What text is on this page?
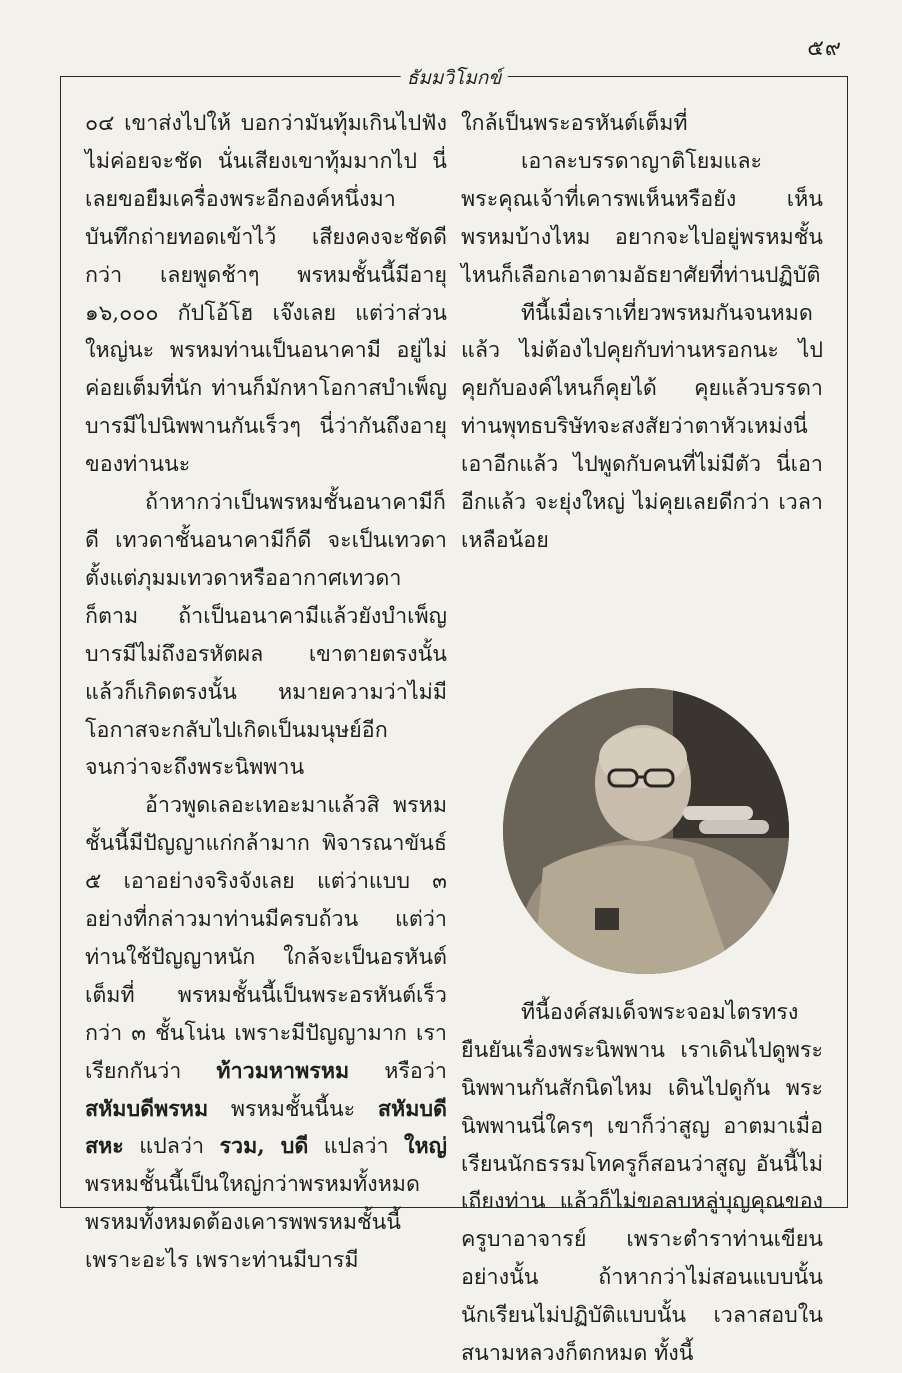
๕๙
ธัมมวิโมกข์

๐๔ เขาส่งไปให้ บอกว่ามันทุ้มเกินไปฟังไม่ค่อยจะชัด นั่นเสียงเขาทุ้มมากไป นี่เลยขอยืมเครื่องพระอีกองค์หนึ่งมาบันทึกถ่ายทอดเข้าไว้ เสียงคงจะชัดดีกว่า เลยพูดช้าๆ พรหมชั้นนี้มีอายุ ๑๖,๐๐๐ กัปโอ้โฮ เจ๊งเลย แต่ว่าส่วนใหญ่นะ พรหมท่านเป็นอนาคามี อยู่ไม่ค่อยเต็มที่นัก ท่านก็มักหาโอกาสบำเพ็ญบารมีไปนิพพานกันเร็วๆ นี่ว่ากันถึงอายุของท่านนะ

ถ้าหากว่าเป็นพรหมชั้นอนาคามีก็ดี เทวดาชั้นอนาคามีก็ดี จะเป็นเทวดาตั้งแต่ภุมมเทวดาหรืออากาศเทวดาก็ตาม ถ้าเป็นอนาคามีแล้วยังบำเพ็ญบารมีไม่ถึงอรหัตผล เขาตายตรงนั้นแล้วก็เกิดตรงนั้น หมายความว่าไม่มีโอกาสจะกลับไปเกิดเป็นมนุษย์อีก จนกว่าจะถึงพระนิพพาน

อ้าวพูดเลอะเทอะมาแล้วสิ พรหมชั้นนี้มีปัญญาแก่กล้ามาก พิจารณาขันธ์ ๕ เอาอย่างจริงจังเลย แต่ว่าแบบ ๓ อย่างที่กล่าวมาท่านมีครบถ้วน แต่ว่าท่านใช้ปัญญาหนัก ใกล้จะเป็นอรหันต์เต็มที่ พรหมชั้นนี้เป็นพระอรหันต์เร็วกว่า ๓ ชั้นโน่น เพราะมีปัญญามาก เราเรียกกันว่า ท้าวมหาพรหม หรือว่า สหัมบดีพรหม พรหมชั้นนี้นะ สหัมบดี สหะ แปลว่า รวม, บดี แปลว่า ใหญ่ พรหมชั้นนี้เป็นใหญ่กว่าพรหมทั้งหมด พรหมทั้งหมดต้องเคารพพรหมชั้นนี้เพราะอะไร เพราะท่านมีบารมี

ใกล้เป็นพระอรหันต์เต็มที่

เอาละบรรดาญาติโยมและพระคุณเจ้าที่เคารพเห็นหรือยัง เห็นพรหมบ้างไหม อยากจะไปอยู่พรหมชั้นไหนก็เลือกเอาตามอัธยาศัยที่ท่านปฏิบัติ

ทีนี้เมื่อเราเที่ยวพรหมกันจนหมดแล้ว ไม่ต้องไปคุยกับท่านหรอกนะ ไปคุยกับองค์ไหนก็คุยได้ คุยแล้วบรรดาท่านพุทธบริษัทจะสงสัยว่าตาหัวเหม่งนี่เอาอีกแล้ว ไปพูดกับคนที่ไม่มีตัว นี่เอาอีกแล้ว จะยุ่งใหญ่ ไม่คุยเลยดีกว่า เวลาเหลือน้อย

ทีนี้องค์สมเด็จพระจอมไตรทรงยืนยันเรื่องพระนิพพาน เราเดินไปดูพระนิพพานกันสักนิดไหม เดินไปดูกัน พระนิพพานนี่ใครๆ เขาก็ว่าสูญ อาตมาเมื่อเรียนนักธรรมโทครูก็สอนว่าสูญ อันนี้ไม่เถียงท่าน แล้วก็ไม่ขอลบหลู่บุญคุณของครูบาอาจารย์ เพราะตำราท่านเขียนอย่างนั้น ถ้าหากว่าไม่สอนแบบนั้น นักเรียนไม่ปฏิบัติแบบนั้น เวลาสอบในสนามหลวงก็ตกหมด ทั้งนี้
